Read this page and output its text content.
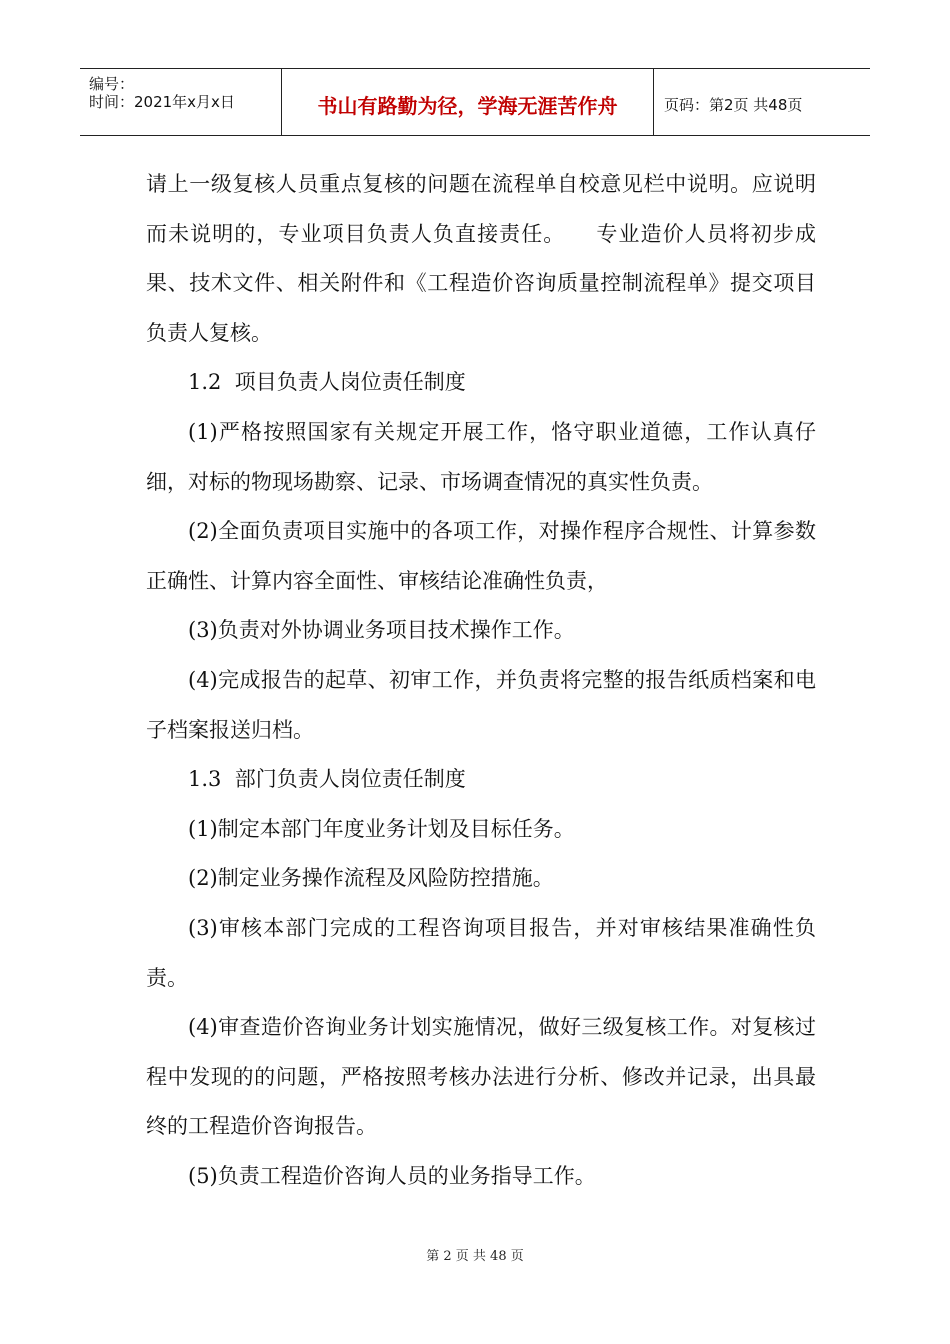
编号：
时间：2021年x月x日	书山有路勤为径，学海无涯苦作舟	页码：第2页 共48页

请上一级复核人员重点复核的问题在流程单自校意见栏中说明。应说明而未说明的，专业项目负责人负直接责任。    专业造价人员将初步成果、技术文件、相关附件和《工程造价咨询质量控制流程单》提交项目负责人复核。

1.2  项目负责人岗位责任制度

(1)严格按照国家有关规定开展工作，恪守职业道德，工作认真仔细，对标的物现场勘察、记录、市场调查情况的真实性负责。

(2)全面负责项目实施中的各项工作，对操作程序合规性、计算参数正确性、计算内容全面性、审核结论准确性负责，

(3)负责对外协调业务项目技术操作工作。

(4)完成报告的起草、初审工作，并负责将完整的报告纸质档案和电子档案报送归档。

1.3  部门负责人岗位责任制度

(1)制定本部门年度业务计划及目标任务。

(2)制定业务操作流程及风险防控措施。

(3)审核本部门完成的工程咨询项目报告，并对审核结果准确性负责。

(4)审查造价咨询业务计划实施情况，做好三级复核工作。对复核过程中发现的的问题，严格按照考核办法进行分析、修改并记录，出具最终的工程造价咨询报告。

(5)负责工程造价咨询人员的业务指导工作。

第 2 页 共 48 页
